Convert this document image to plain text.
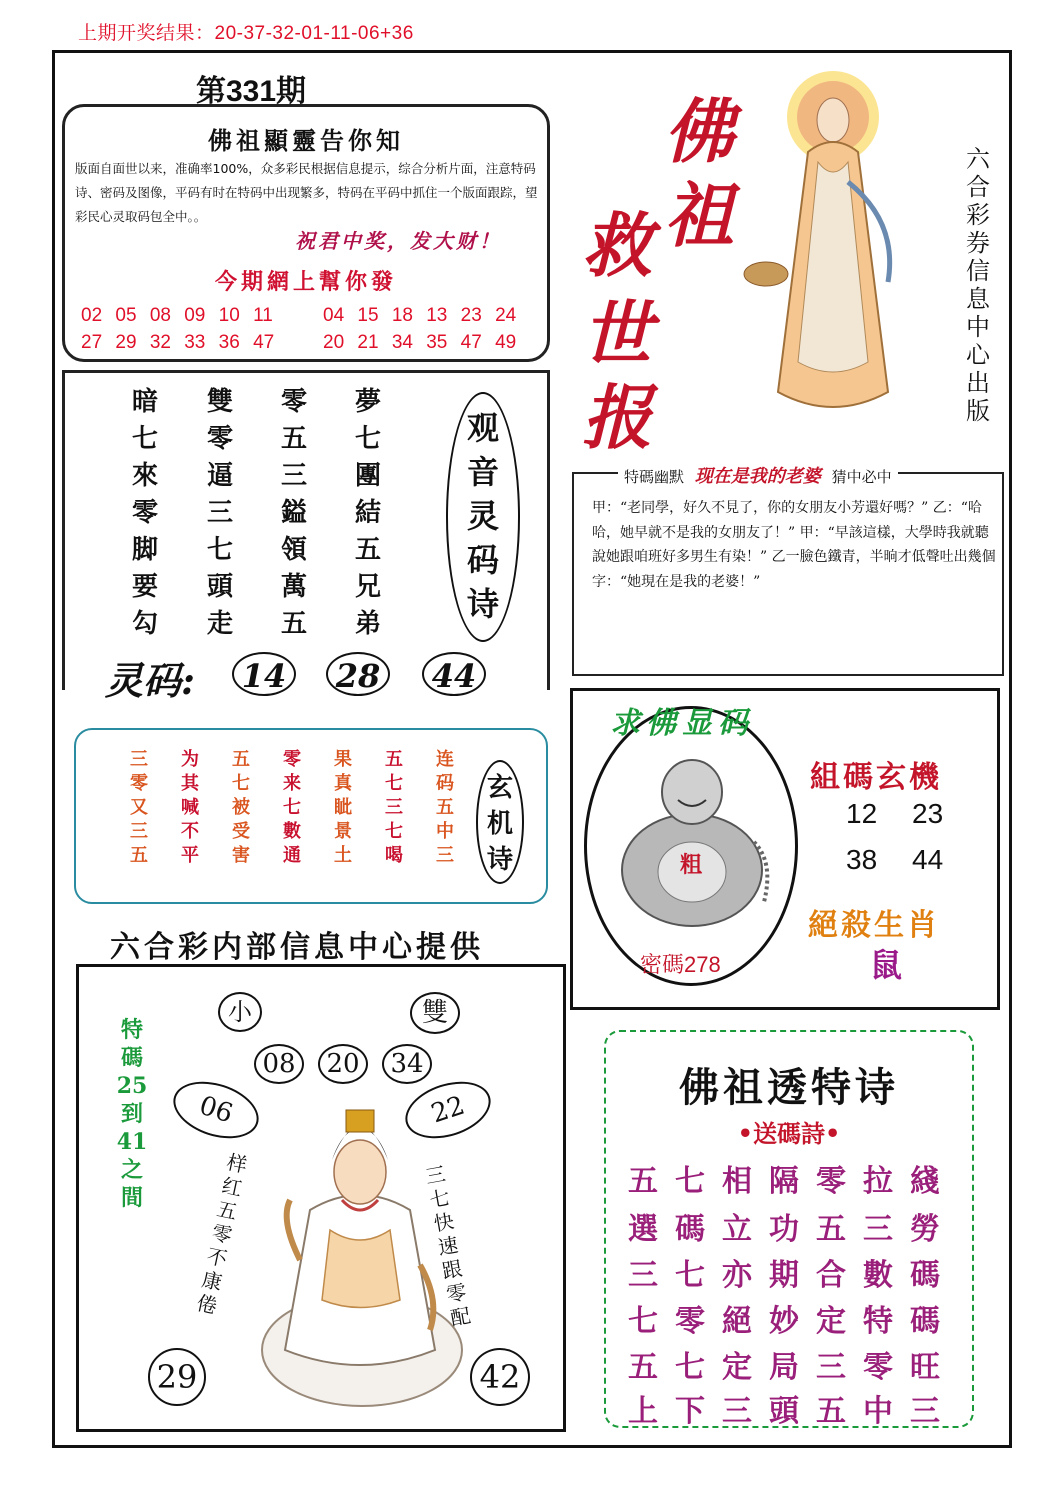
上期开奖结果：20-37-32-01-11-06+36
第331期
佛祖顯靈告你知
版面自面世以来，准确率100%，众多彩民根据信息提示，综合分析片面，注意特码诗、密码及图像，平码有时在特码中出现繁多，特码在平码中抓住一个版面跟踪，望彩民心灵取码包全中。。
祝君中奖，发大财！
今期網上幫你發
02 05 08 09 10 11	04 15 18 13 23 24
27 29 32 33 36 47	20 21 34 35 47 49
暗七來零脚要勾
雙零逼三七頭走
零五三鎰領萬五
夢七團結五兄弟
观音灵码诗
灵码:	14	28	44
三零又三五
为其喊不平
五七被受害
零来七數通
果真眦景土
五七三七喝
连码五中三
玄机诗
六合彩内部信息中心提供
小	雙
08	20	34
06	22
特碼25到41之間
样红五零不康倦
三七快速跟零配
29	42
佛
祖
救
世
报
六合彩券信息中心出版
特碼幽默 现在是我的老婆 猜中必中
甲：“老同學，好久不見了，你的女朋友小芳還好嗎？” 乙：“哈哈，她早就不是我的女朋友了！” 甲：“早該這樣，大學時我就聽說她跟咱班好多男生有染！” 乙一臉色鐵青，半晌才低聲吐出幾個字：“她現在是我的老婆！”
求佛显码
粗
密碼278
組碼玄機
12 23
38 44
絕殺生肖
鼠
佛祖透特诗
•送碼詩•
五七相隔零拉綫
選碼立功五三勞
三七亦期合數碼
七零絕妙定特碼
五七定局三零旺
上下三頭五中三
